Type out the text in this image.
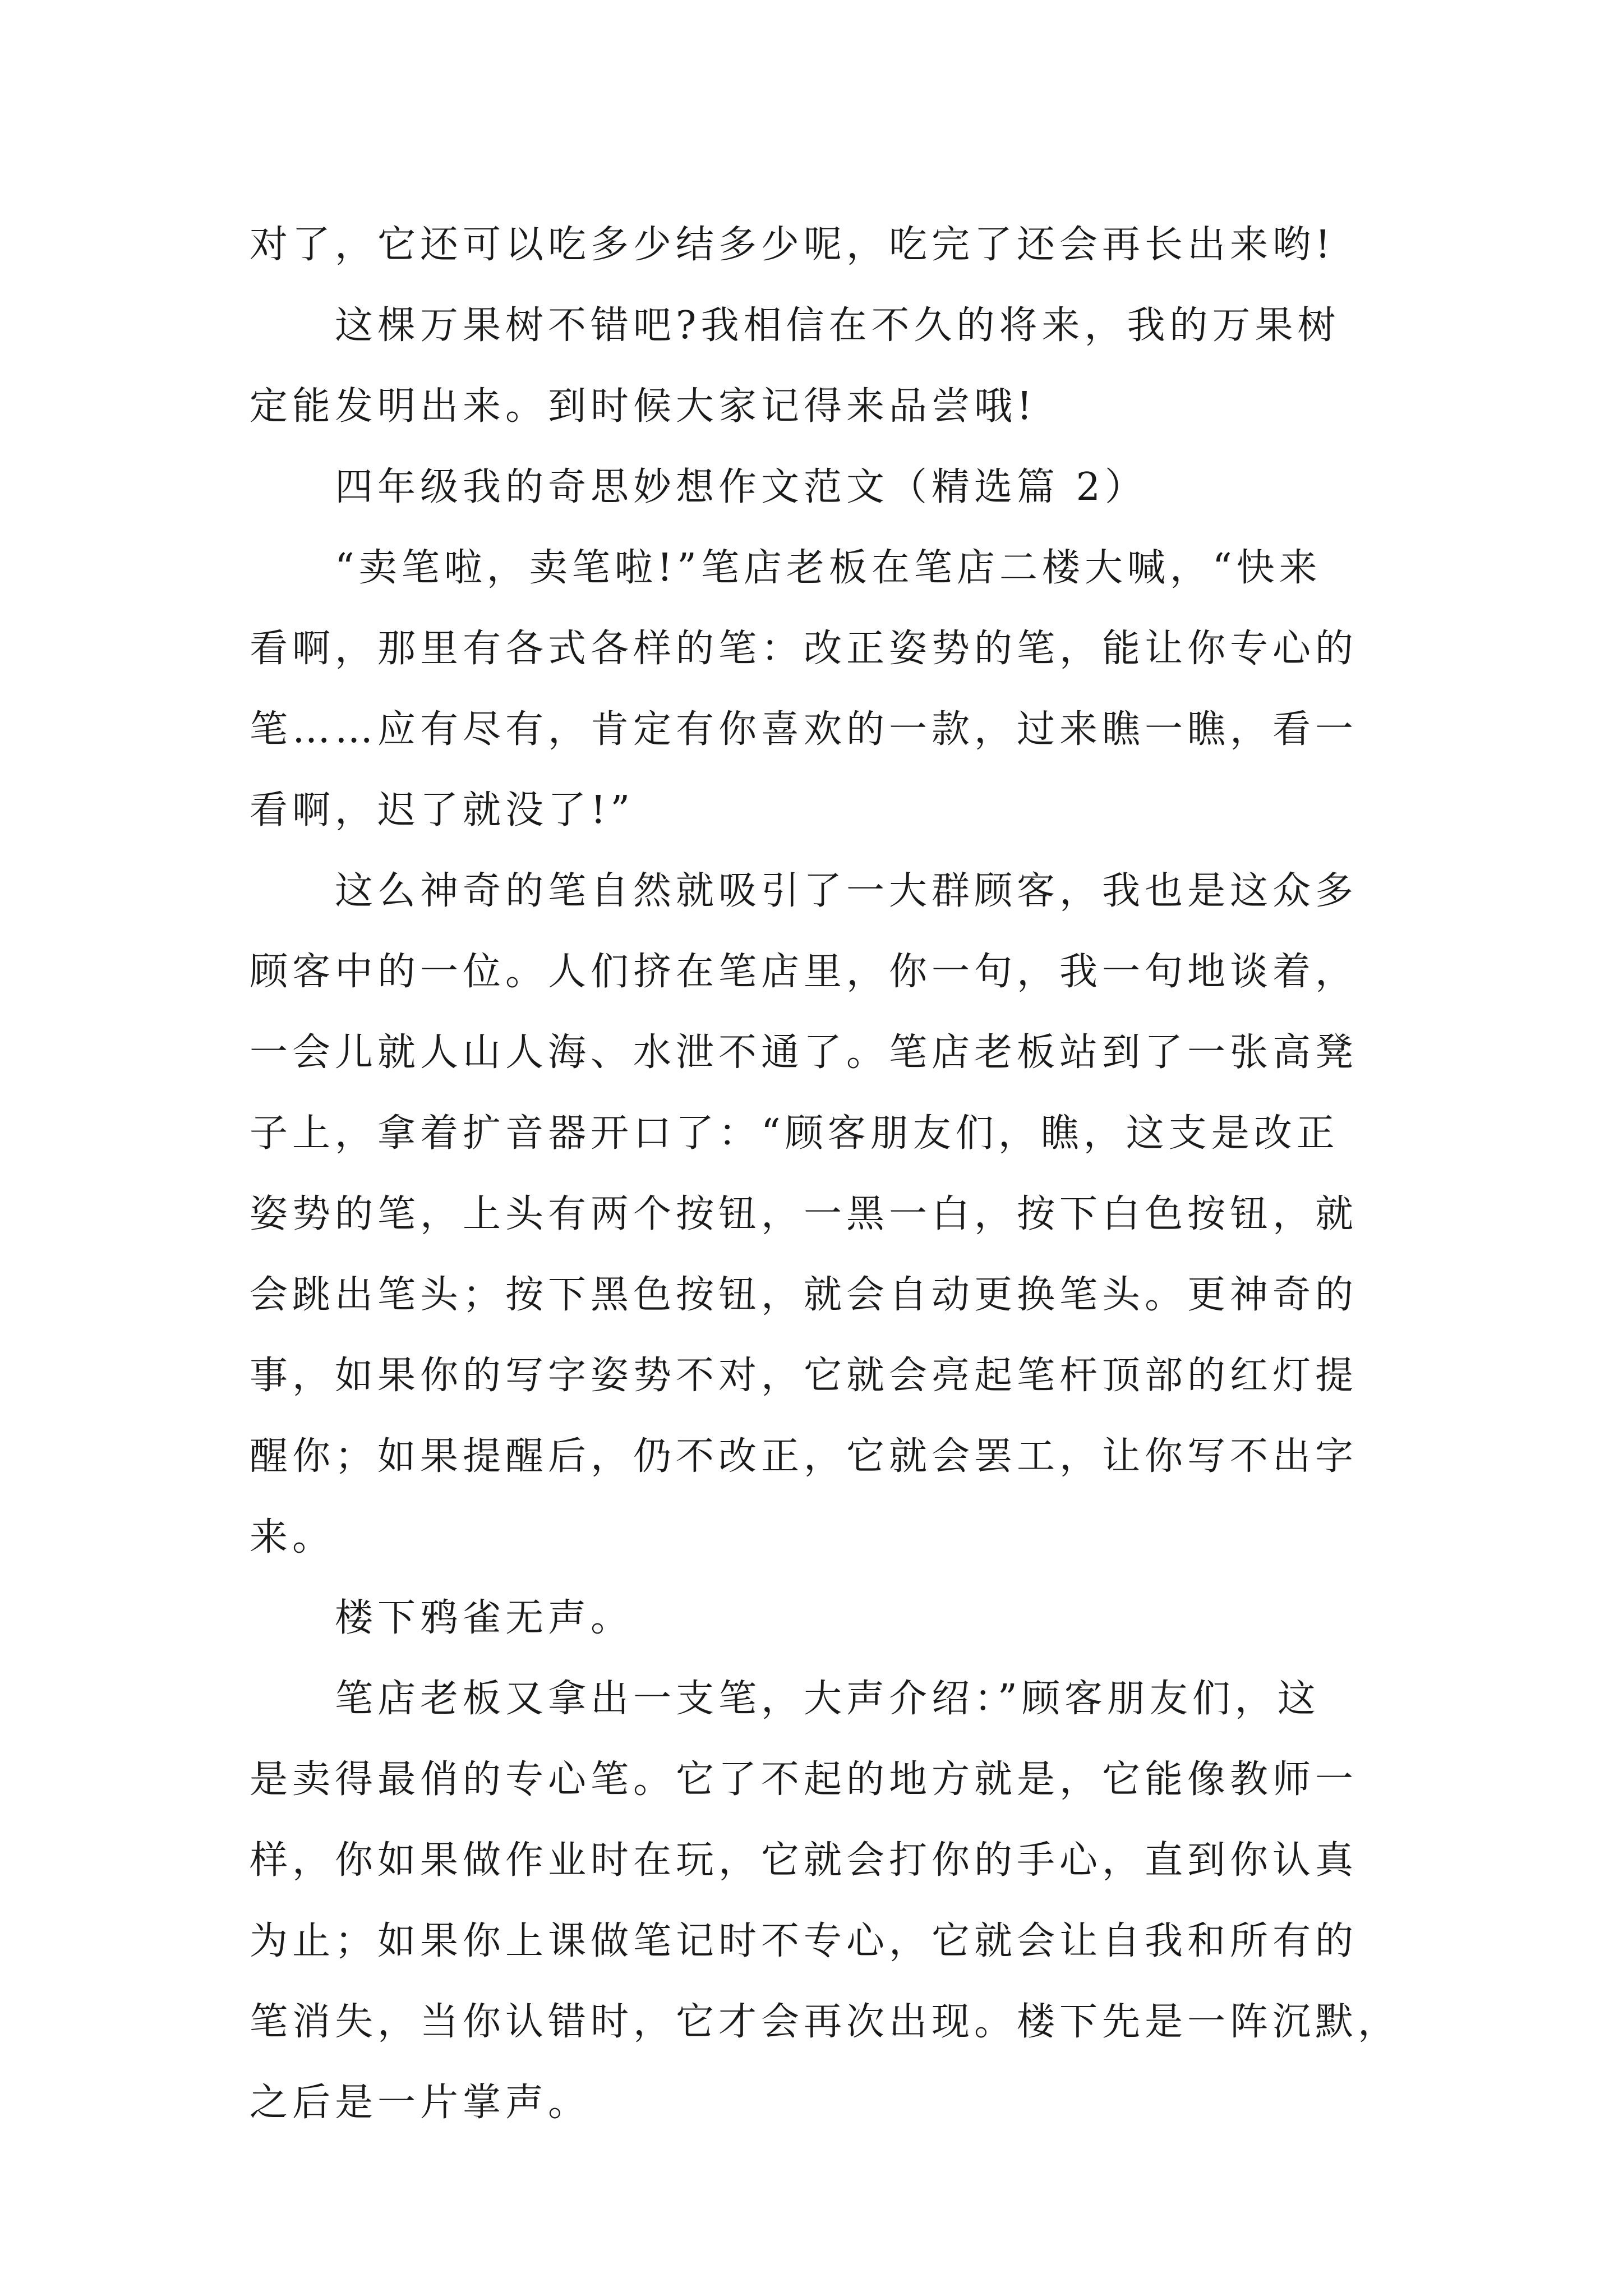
对了，它还可以吃多少结多少呢，吃完了还会再长出来哟!
这棵万果树不错吧?我相信在不久的将来，我的万果树
定能发明出来。到时候大家记得来品尝哦!
四年级我的奇思妙想作文范文（精选篇 2）
“卖笔啦，卖笔啦!”笔店老板在笔店二楼大喊，“快来
看啊，那里有各式各样的笔：改正姿势的笔，能让你专心的
笔……应有尽有，肯定有你喜欢的一款，过来瞧一瞧，看一
看啊，迟了就没了!”
这么神奇的笔自然就吸引了一大群顾客，我也是这众多
顾客中的一位。人们挤在笔店里，你一句，我一句地谈着，
一会儿就人山人海、水泄不通了。笔店老板站到了一张高凳
子上，拿着扩音器开口了：“顾客朋友们，瞧，这支是改正
姿势的笔，上头有两个按钮，一黑一白，按下白色按钮，就
会跳出笔头；按下黑色按钮，就会自动更换笔头。更神奇的
事，如果你的写字姿势不对，它就会亮起笔杆顶部的红灯提
醒你；如果提醒后，仍不改正，它就会罢工，让你写不出字
来。
楼下鸦雀无声。
笔店老板又拿出一支笔，大声介绍：”顾客朋友们，这
是卖得最俏的专心笔。它了不起的地方就是，它能像教师一
样，你如果做作业时在玩，它就会打你的手心，直到你认真
为止；如果你上课做笔记时不专心，它就会让自我和所有的
笔消失，当你认错时，它才会再次出现。楼下先是一阵沉默，
之后是一片掌声。
